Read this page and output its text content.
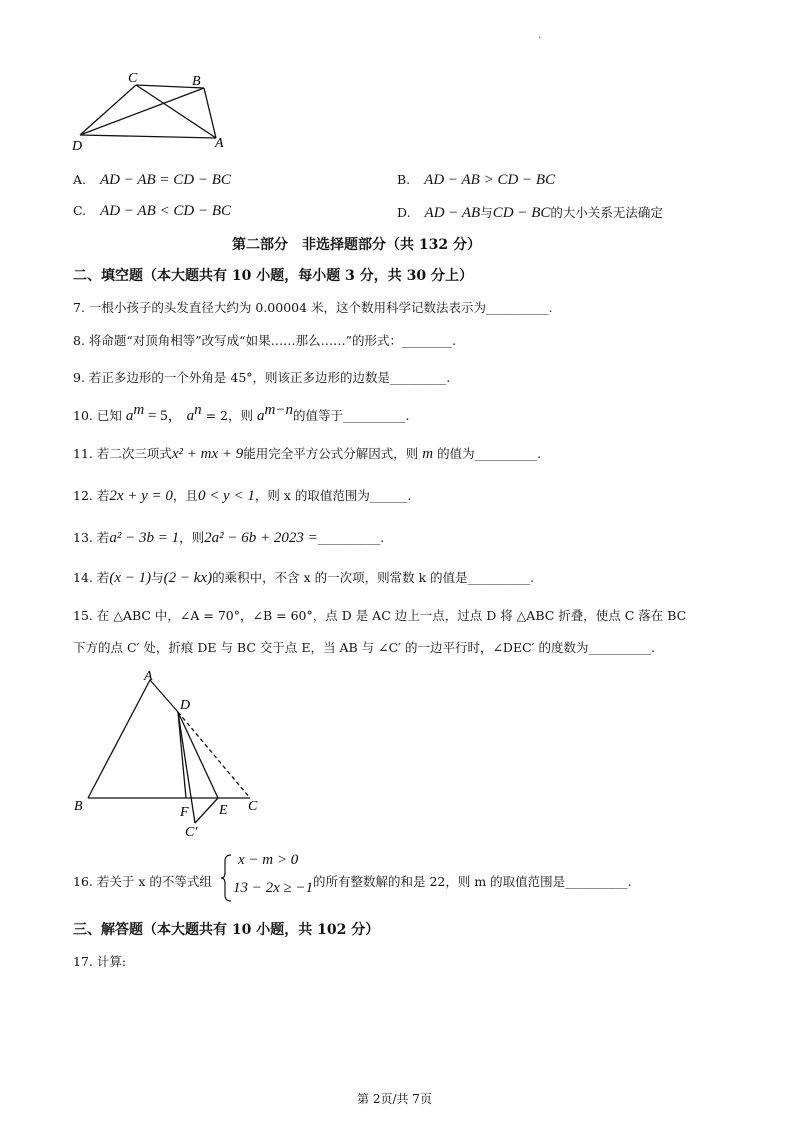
.
C	B
D	A
A. AD − AB = CD − BC	B. AD − AB > CD − BC
C. AD − AB < CD − BC	D. AD − AB与CD − BC的大小关系无法确定
第二部分　非选择题部分（共 132 分）
二、填空题（本大题共有 10 小题，每小题 3 分，共 30 分上）
7. 一根小孩子的头发直径大约为 0.00004 米，这个数用科学记数法表示为__________.
8. 将命题“对顶角相等”改写成“如果……那么……”的形式：________.
9. 若正多边形的一个外角是 45°，则该正多边形的边数是_________.
10. 已知 $a^m = 5$， $a^n = 2$，则 $a^{m-n}$的值等于__________.
11. 若二次三项式x² + mx + 9能用完全平方公式分解因式，则 m 的值为__________.
12. 若2x + y = 0，且0 < y < 1，则 x 的取值范围为______.
13. 若a² − 3b = 1，则2a² − 6b + 2023 =__________.
14. 若(x − 1)与(2 − kx)的乘积中，不含 x 的一次项，则常数 k 的值是__________.
15. 在 △ABC 中，∠A = 70°，∠B = 60°，点 D 是 AC 边上一点，过点 D 将 △ABC 折叠，使点 C 落在 BC
下方的点 C′ 处，折痕 DE 与 BC 交于点 E，当 AB 与 ∠C′ 的一边平行时，∠DEC′ 的度数为__________.
A
D
B	F E C
C′
16. 若关于 x 的不等式组
x − m > 0
13 − 2x ≥ −1 的所有整数解的和是 22，则 m 的取值范围是__________.
三、解答题（本大题共有 10 小题，共 102 分）
17. 计算:
第 2页/共 7页
